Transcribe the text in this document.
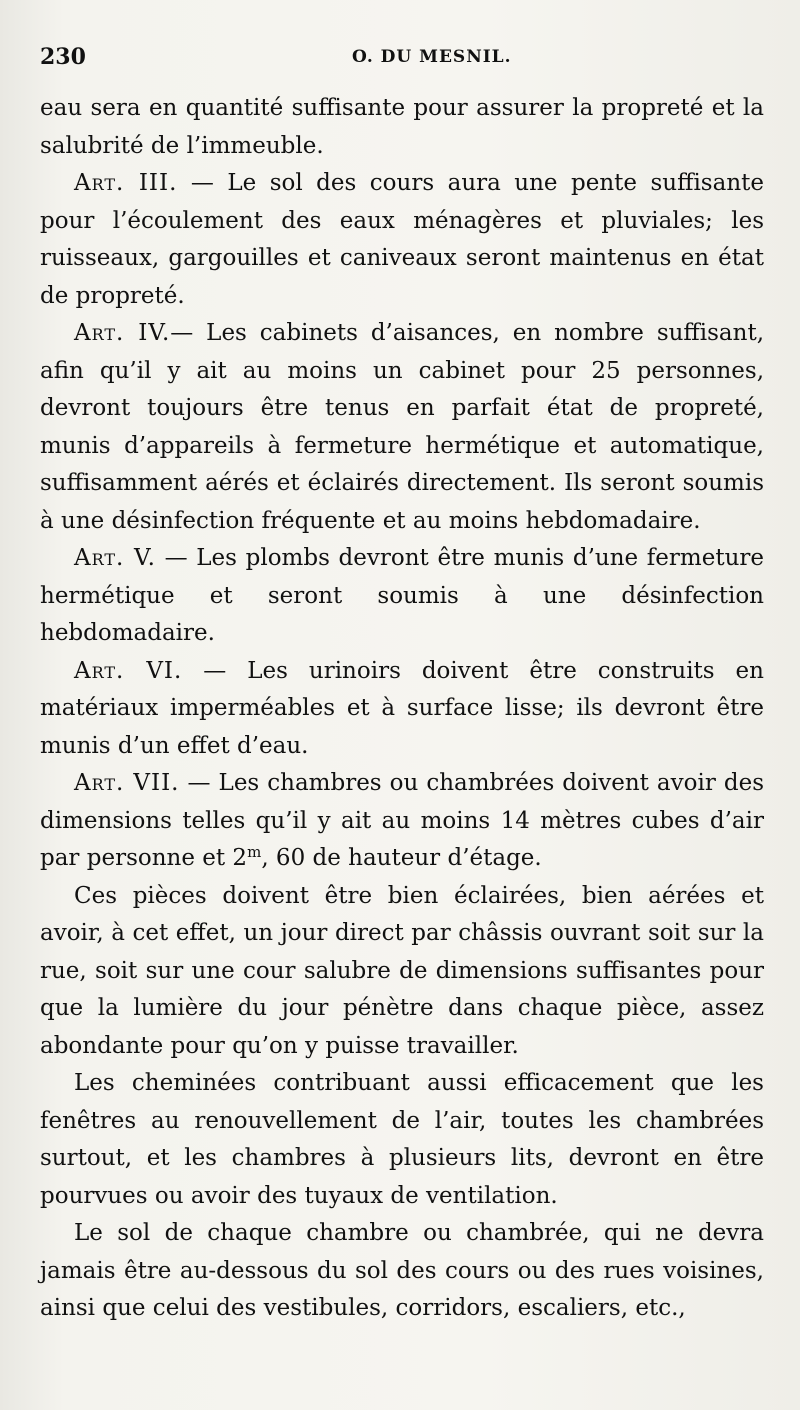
230	O. DU MESNIL.

eau sera en quantité suffisante pour assurer la propreté et la salubrité de l’immeuble.

Art. III. — Le sol des cours aura une pente suffisante pour l’écoulement des eaux ménagères et pluviales; les ruisseaux, gargouilles et caniveaux seront maintenus en état de propreté.

Art. IV.— Les cabinets d’aisances, en nombre suffisant, afin qu’il y ait au moins un cabinet pour 25 personnes, devront toujours être tenus en parfait état de propreté, munis d’appareils à fermeture hermétique et automatique, suffisamment aérés et éclairés directement. Ils seront soumis à une désinfection fréquente et au moins hebdomadaire.

Art. V. — Les plombs devront être munis d’une fermeture hermétique et seront soumis à une désinfection hebdomadaire.

Art. VI. — Les urinoirs doivent être construits en matériaux imperméables et à surface lisse; ils devront être munis d’un effet d’eau.

Art. VII. — Les chambres ou chambrées doivent avoir des dimensions telles qu’il y ait au moins 14 mètres cubes d’air par personne et 2$^m$, 60 de hauteur d’étage.

Ces pièces doivent être bien éclairées, bien aérées et avoir, à cet effet, un jour direct par châssis ouvrant soit sur la rue, soit sur une cour salubre de dimensions suffisantes pour que la lumière du jour pénètre dans chaque pièce, assez abondante pour qu’on y puisse travailler.

Les cheminées contribuant aussi efficacement que les fenêtres au renouvellement de l’air, toutes les chambrées surtout, et les chambres à plusieurs lits, devront en être pourvues ou avoir des tuyaux de ventilation.

Le sol de chaque chambre ou chambrée, qui ne devra jamais être au-dessous du sol des cours ou des rues voisines, ainsi que celui des vestibules, corridors, escaliers, etc.,
